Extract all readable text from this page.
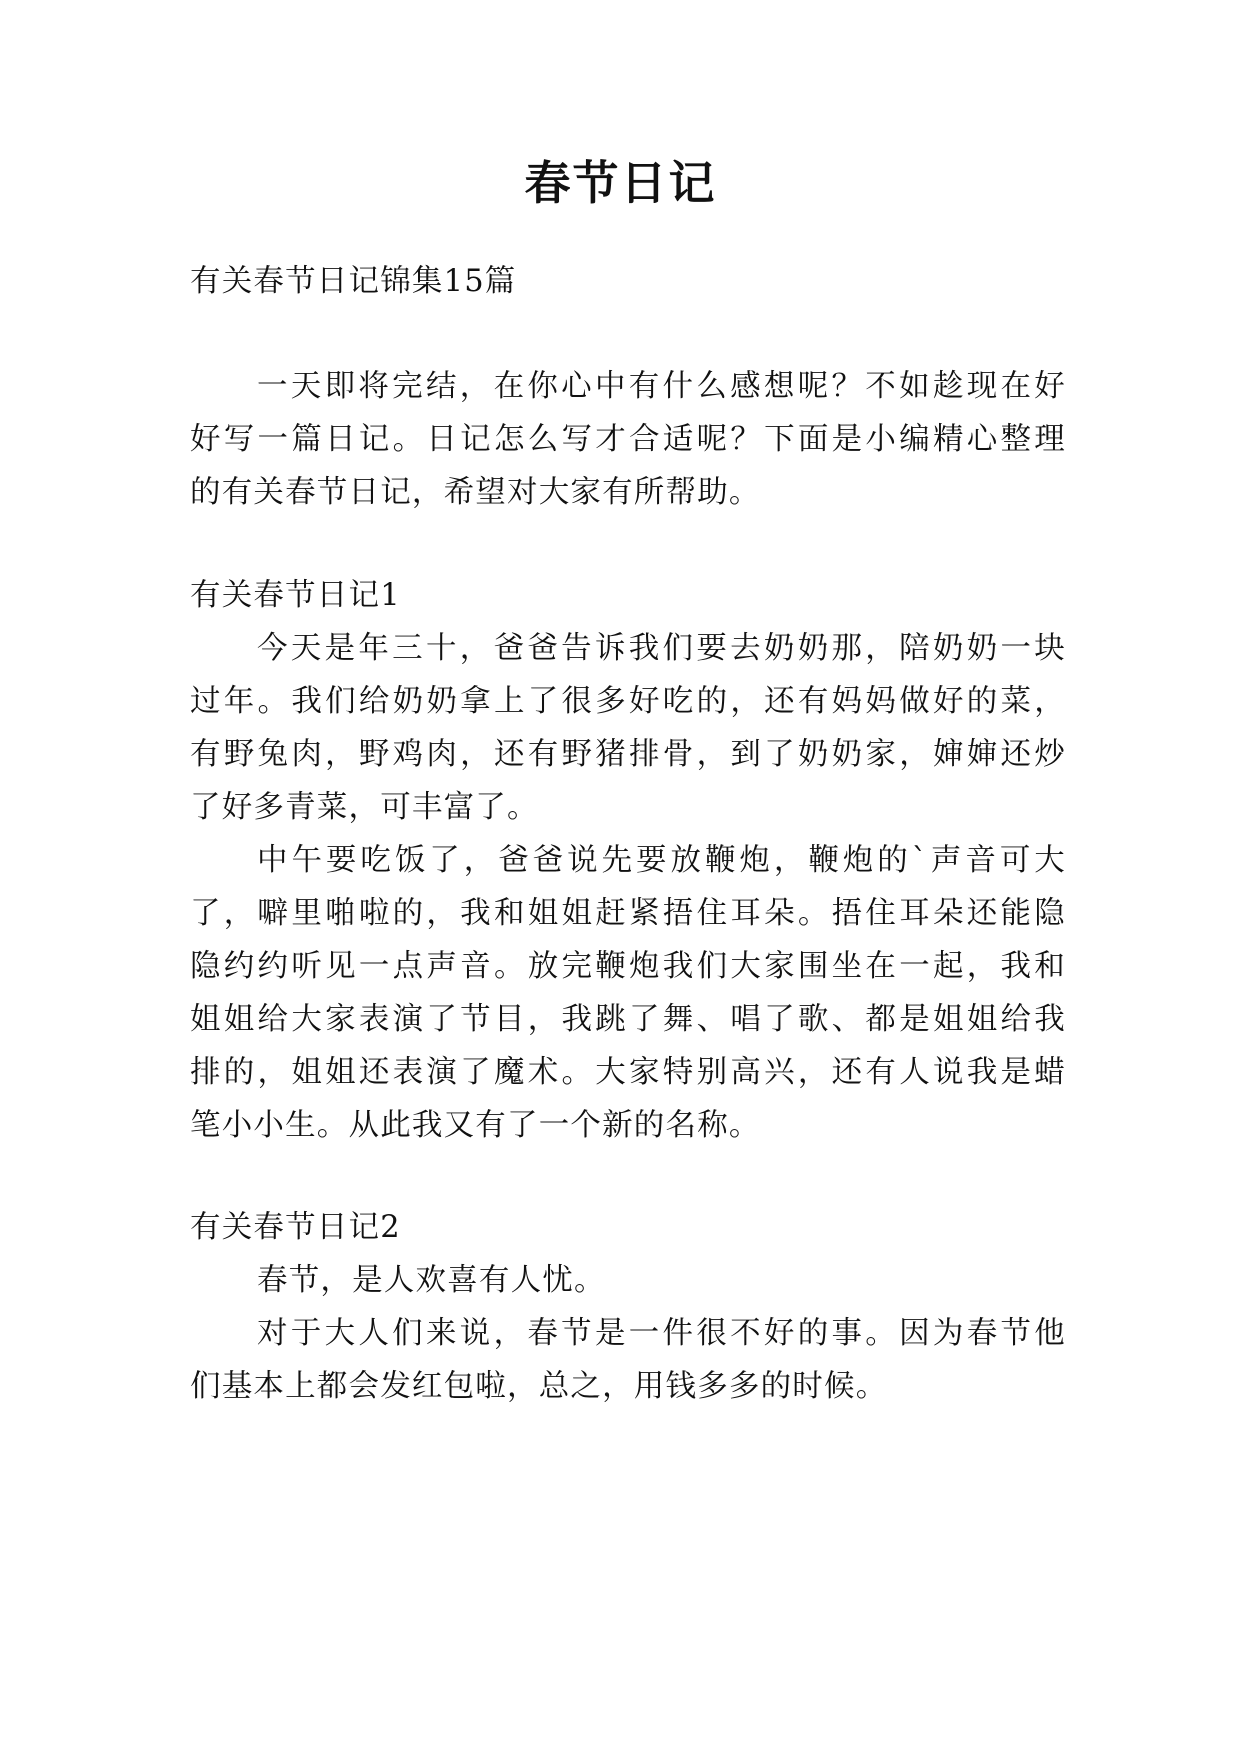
春节日记
有关春节日记锦集15篇
一天即将完结，在你心中有什么感想呢？不如趁现在好
好写一篇日记。日记怎么写才合适呢？下面是小编精心整理
的有关春节日记，希望对大家有所帮助。
有关春节日记1
今天是年三十，爸爸告诉我们要去奶奶那，陪奶奶一块
过年。我们给奶奶拿上了很多好吃的，还有妈妈做好的菜，
有野兔肉，野鸡肉，还有野猪排骨，到了奶奶家，婶婶还炒
了好多青菜，可丰富了。
中午要吃饭了，爸爸说先要放鞭炮，鞭炮的`声音可大
了，噼里啪啦的，我和姐姐赶紧捂住耳朵。捂住耳朵还能隐
隐约约听见一点声音。放完鞭炮我们大家围坐在一起，我和
姐姐给大家表演了节目，我跳了舞、唱了歌、都是姐姐给我
排的，姐姐还表演了魔术。大家特别高兴，还有人说我是蜡
笔小小生。从此我又有了一个新的名称。
有关春节日记2
春节，是人欢喜有人忧。
对于大人们来说，春节是一件很不好的事。因为春节他
们基本上都会发红包啦，总之，用钱多多的时候。
